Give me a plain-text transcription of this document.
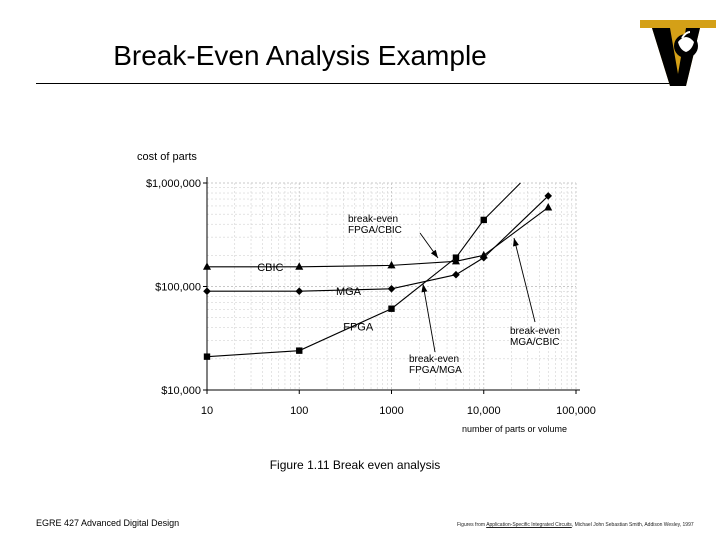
Break-Even Analysis Example
10	100	1000	10,000	100,000
$10,000
$100,000
$1,000,000
FPGA
MGA
CBIC
break-even
FPGA/CBIC
break-even
FPGA/MGA
break-even
MGA/CBIC
cost of parts
number of parts or volume
Figure 1.11 Break even analysis
EGRE 427 Advanced Digital Design	Figures from Application-Specific Integrated Circuits, Michael John Sebastian Smith, Addison Wesley, 1997
